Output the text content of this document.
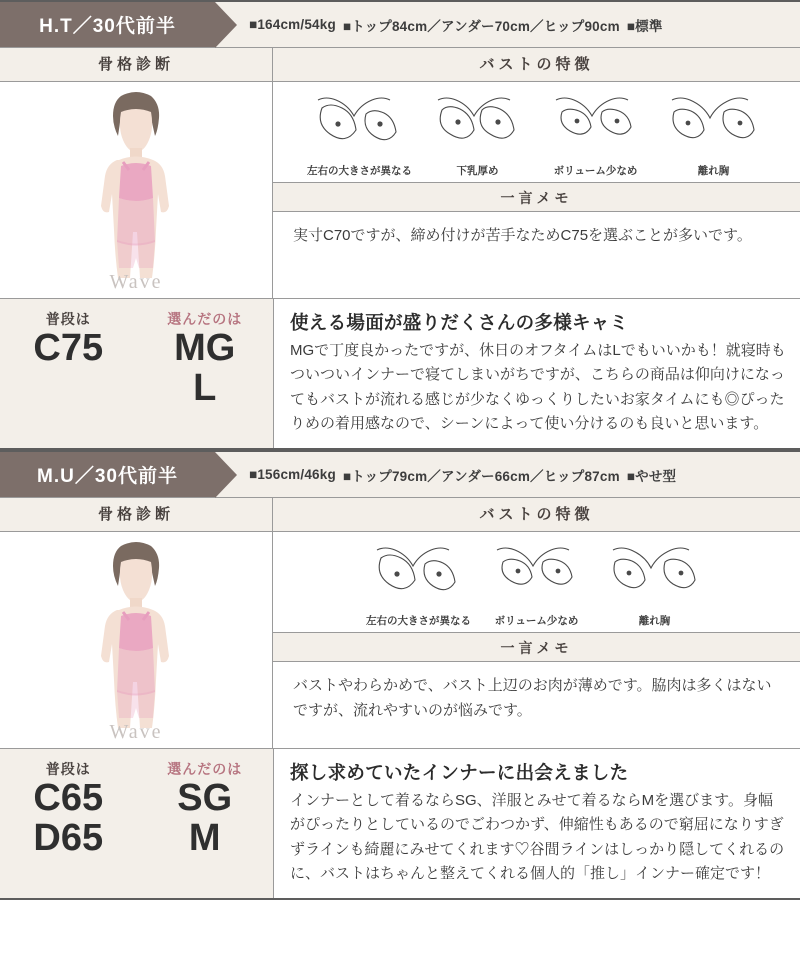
H.T／30代前半	■164cm/54kg ■トップ84cm／アンダー70cm／ヒップ90cm ■標準
骨格診断
Wave
バストの特徴
左右の大きさが異なる	下乳厚め	ボリューム少なめ	離れ胸
一言メモ
実寸C70ですが、締め付けが苦手なためC75を選ぶことが多いです。
普段は
C75
選んだのは
MG
L
使える場面が盛りだくさんの多様キャミ
MGで丁度良かったですが、休日のオフタイムはLでもいいかも！就寝時もついついインナーで寝てしまいがちですが、こちらの商品は仰向けになってもバストが流れる感じが少なくゆっくりしたいお家タイムにも◎ぴったりめの着用感なので、シーンによって使い分けるのも良いと思います。
M.U／30代前半	■156cm/46kg ■トップ79cm／アンダー66cm／ヒップ87cm ■やせ型
骨格診断
Wave
バストの特徴
左右の大きさが異なる	ボリューム少なめ	離れ胸
一言メモ
バストやわらかめで、バスト上辺のお肉が薄めです。脇肉は多くはないですが、流れやすいのが悩みです。
普段は
C65
D65
選んだのは
SG
M
探し求めていたインナーに出会えました
インナーとして着るならSG、洋服とみせて着るならMを選びます。身幅がぴったりとしているのでごわつかず、伸縮性もあるので窮屈になりすぎずラインも綺麗にみせてくれます♡谷間ラインはしっかり隠してくれるのに、バストはちゃんと整えてくれる個人的「推し」インナー確定です！
